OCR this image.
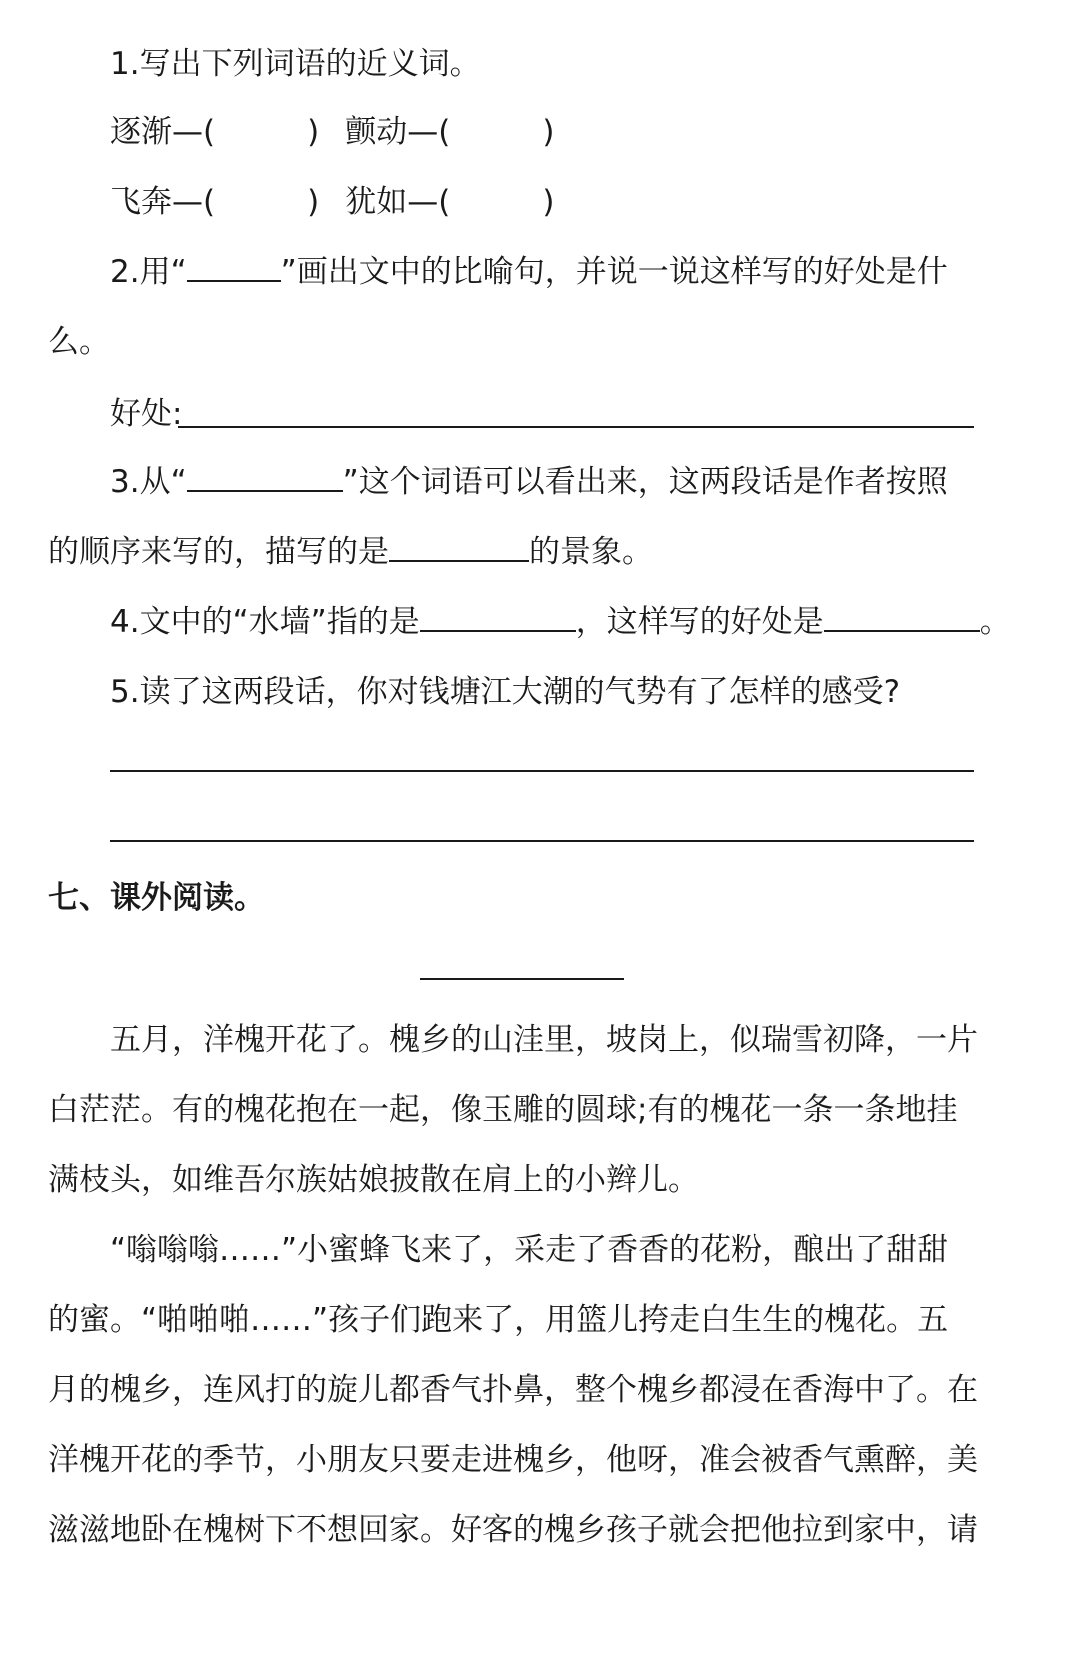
1.写出下列词语的近义词。
逐渐—(	) 颤动—(	)
飞奔—(	) 犹如—(	)
2.用“	”画出文中的比喻句，并说一说这样写的好处是什
么。
好处:
3.从“	”这个词语可以看出来，这两段话是作者按照
的顺序来写的，描写的是	的景象。
4.文中的“水墙”指的是	，这样写的好处是	。
5.读了这两段话，你对钱塘江大潮的气势有了怎样的感受?
七、课外阅读。
五月，洋槐开花了。槐乡的山洼里，坡岗上，似瑞雪初降，一片
白茫茫。有的槐花抱在一起，像玉雕的圆球;有的槐花一条一条地挂
满枝头，如维吾尔族姑娘披散在肩上的小辫儿。
“嗡嗡嗡……”小蜜蜂飞来了，采走了香香的花粉，酿出了甜甜
的蜜。“啪啪啪……”孩子们跑来了，用篮儿挎走白生生的槐花。五
月的槐乡，连风打的旋儿都香气扑鼻，整个槐乡都浸在香海中了。在
洋槐开花的季节，小朋友只要走进槐乡，他呀，准会被香气熏醉，美
滋滋地卧在槐树下不想回家。好客的槐乡孩子就会把他拉到家中，请
